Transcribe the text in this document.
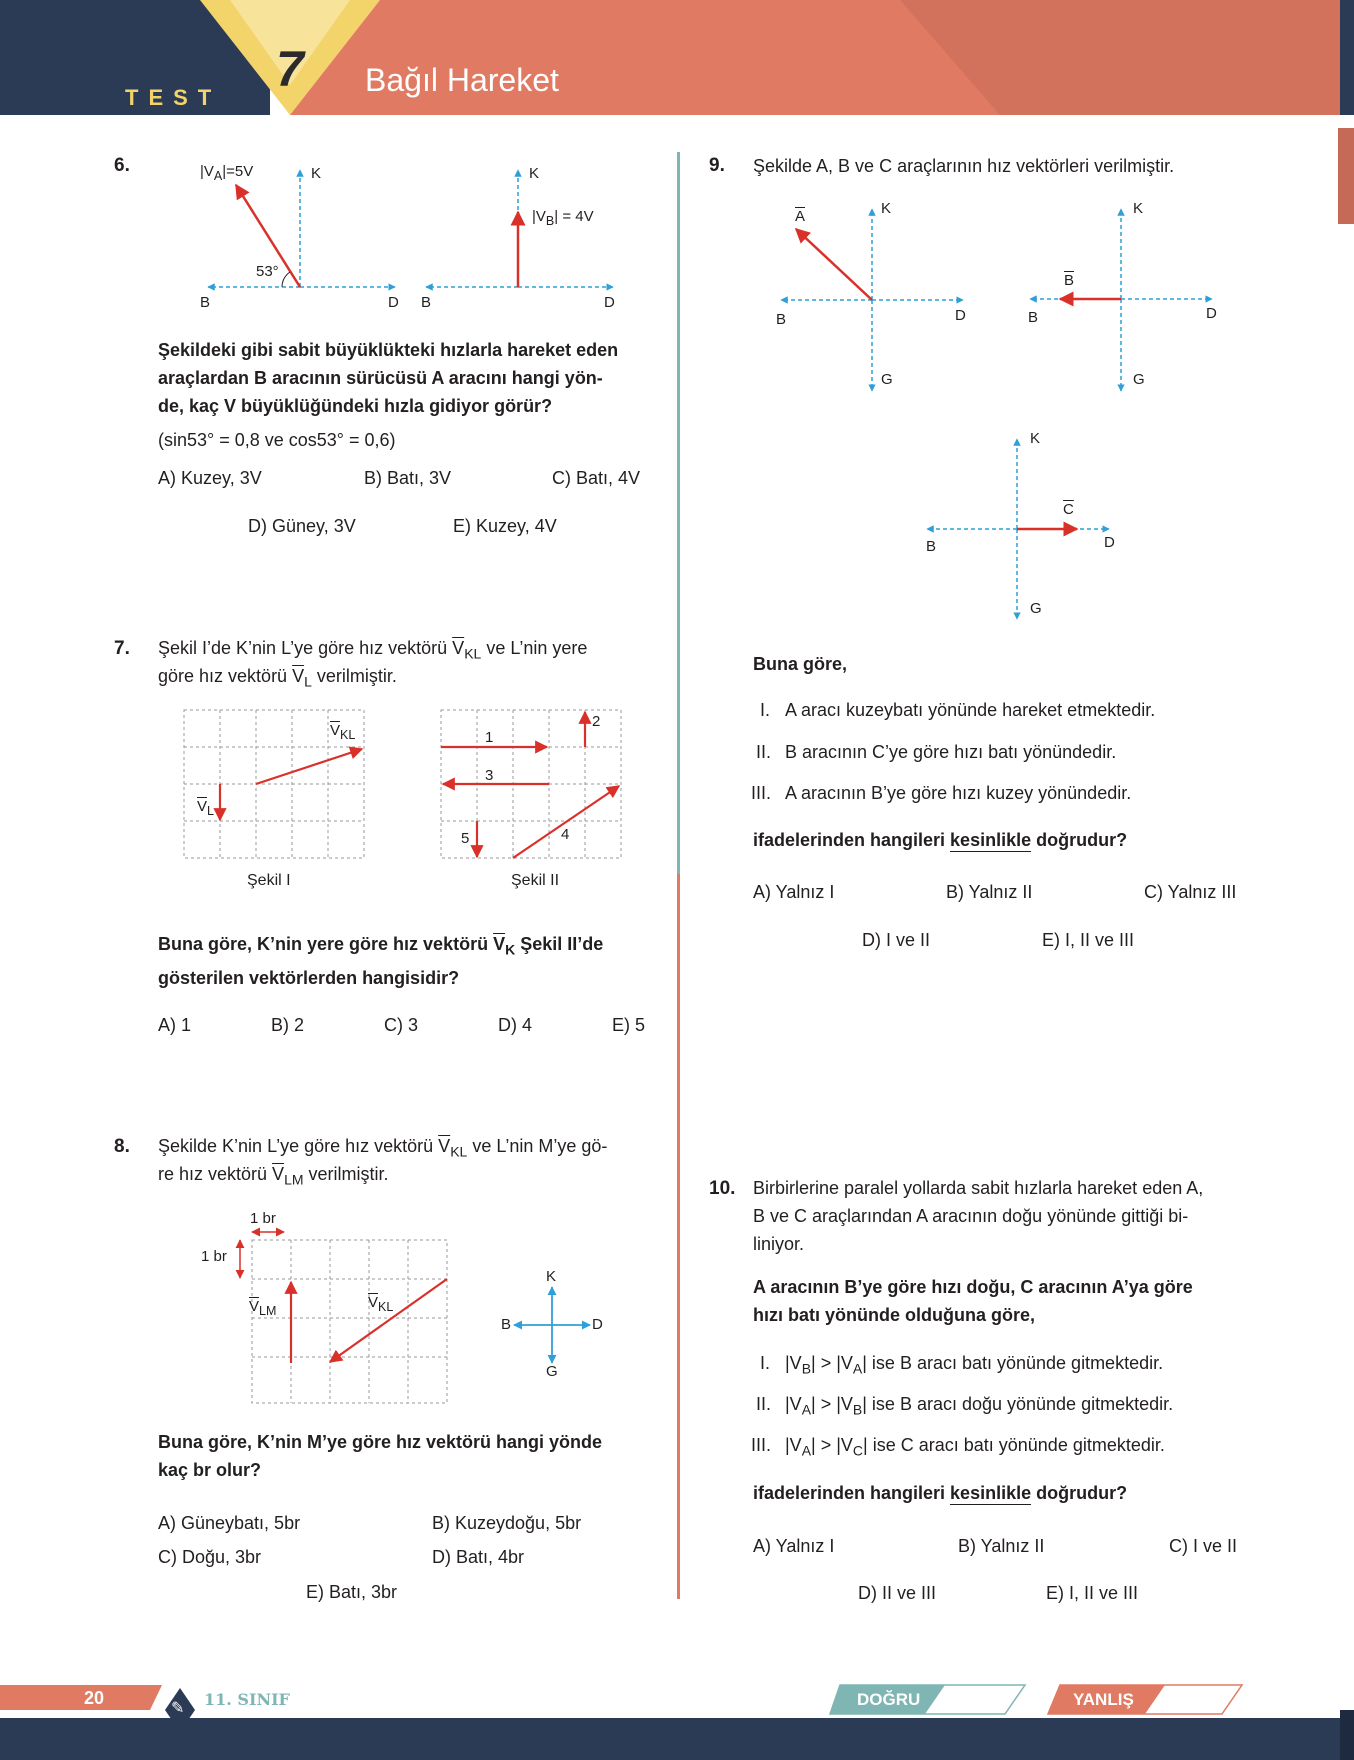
TEST
7 Bağıl Hareket
6.	$|V_A|=5V$	K
53°
B	D
K
$|V_B| = 4V$
B	D
Şekildeki gibi sabit büyüklükteki hızlarla hareket eden
araçlardan B aracının sürücüsü A aracını hangi yön-
de, kaç V büyüklüğündeki hızla gidiyor görür?
(sin53° = 0,8 ve cos53° = 0,6)
A) Kuzey, 3V	B) Batı, 3V	C) Batı, 4V
D) Güney, 3V	E) Kuzey, 4V
7. Şekil I’de K’nin L’ye göre hız vektörü $\overline{V}_{KL}$ ve L’nin yere
göre hız vektörü $\overline{V}_L$ verilmiştir.
$\overline{V}_{KL}$
$\overline{V}_L$
Şekil I
1
2
3
4
5
Şekil II
Buna göre, K’nin yere göre hız vektörü $\overline{V}_K$ Şekil II’de
gösterilen vektörlerden hangisidir?
A) 1	B) 2	C) 3	D) 4	E) 5
8. Şekilde K’nin L’ye göre hız vektörü $\overline{V}_{KL}$ ve L’nin M’ye gö-
re hız vektörü $\overline{V}_{LM}$ verilmiştir.
1 br
1 br
$\overline{V}_{LM}$	$\overline{V}_{KL}$
K
B	D
G
Buna göre, K’nin M’ye göre hız vektörü hangi yönde
kaç br olur?
A) Güneybatı, 5br	B) Kuzeydoğu, 5br
C) Doğu, 3br	D) Batı, 4br
E) Batı, 3br
9. Şekilde A, B ve C araçlarının hız vektörleri verilmiştir.
$\overline{A}$	K
B	D
G
$\overline{B}$
K
B	D
G
$\overline{C}$
K
B	D
G
Buna göre,
I. A aracı kuzeybatı yönünde hareket etmektedir.
II. B aracının C’ye göre hızı batı yönündedir.
III. A aracının B’ye göre hızı kuzey yönündedir.
ifadelerinden hangileri kesinlikle doğrudur?
A) Yalnız I	B) Yalnız II	C) Yalnız III
D) I ve II	E) I, II ve III
10. Birbirlerine paralel yollarda sabit hızlarla hareket eden A,
B ve C araçlarından A aracının doğu yönünde gittiği bi-
liniyor.
A aracının B’ye göre hızı doğu, C aracının A’ya göre
hızı batı yönünde olduğuna göre,
I. $|V_B| > |V_A|$ ise B aracı batı yönünde gitmektedir.
II. $|V_A| > |V_B|$ ise B aracı doğu yönünde gitmektedir.
III. $|V_A| > |V_C|$ ise C aracı batı yönünde gitmektedir.
ifadelerinden hangileri kesinlikle doğrudur?
A) Yalnız I	B) Yalnız II	C) I ve II
D) II ve III	E) I, II ve III
✎
20	11. SINIF	DOĞRU	YANLIŞ
